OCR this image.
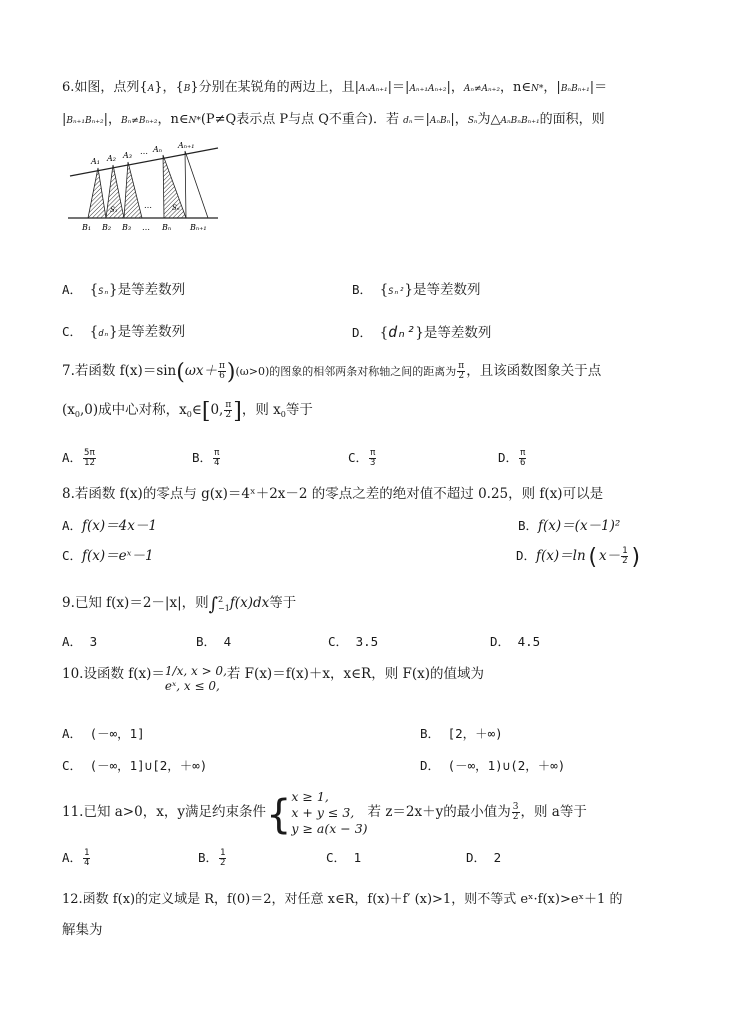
6.如图，点列{A}，{B}分别在某锐角的两边上，且|AₙAₙ₊₁|＝|Aₙ₊₁Aₙ₊₂|，Aₙ≠Aₙ₊₂，n∈N*，|BₙBₙ₊₁|＝
|Bₙ₊₁Bₙ₊₂|，Bₙ≠Bₙ₊₂，n∈N*(P≠Q表示点 P与点 Q不重合)．若 dₙ＝|AₙBₙ|，Sₙ为△AₙBₙBₙ₊₁的面积，则
A₁ A₂ A₃ … Aₙ Aₙ₊₁
S₁	Sₙ
…
B₁ B₂ B₃ … Bₙ Bₙ₊₁
A． {Sₙ}是等差数列	B． {Sₙ²}是等差数列
C． {dₙ}是等差数列	D． {dₙ²}是等差数列
7.若函数 $f(x)=\sin(\omega x+ \frac{\pi}{6} )(\omega>0)$的图象的相邻两条对称轴之间的距离为 $\frac{\pi}{2}$ ，且该函数图象关于点
$(x_0,0)$成中心对称，$x_0\in[0$, $\frac{\pi}{2}$ ]，则 $x_0$等于
A． $\frac{5\pi}{12}$	B． $\frac{\pi}{4}$	C． $\frac{\pi}{3}$	D． $\frac{\pi}{6}$
8.若函数 f(x)的零点与 g(x)＝4ˣ＋2x－2 的零点之差的绝对值不超过 0.25，则 f(x)可以是
A．f(x)＝4x－1	B．f(x)＝(x－1)²
C．f(x)＝eˣ－1	D．$f(x)=\ln(x- \frac{1}{2}$ )
9.已知 f(x)＝2－|x|，则∫ 2
−1 f(x)dx等于
A． 3	B． 4	C． 3.5	D． 4.5
10.设函数 f(x)＝ 1/x, x > 0,
eˣ, x ≤ 0,
若 F(x)＝f(x)＋x，x∈R，则 F(x)的值域为
A． (－∞，1]	B． [2，＋∞)
C． (－∞，1]∪[2，＋∞)	D． (－∞，1)∪(2，＋∞)
11.已知 a>0，x，y满足约束条件{ x ≥ 1,
x + y ≤ 3,
y ≥ a(x − 3)
若 z＝2x＋y的最小值为 $\frac{3}{2}$ ，则 a等于
A． $\frac{1}{4}$	B． $\frac{1}{2}$	C． 1	D． 2
12.函数 f(x)的定义域是 R，f(0)＝2，对任意 x∈R，f(x)＋f′ (x)>1，则不等式 eˣ·f(x)>eˣ＋1 的
解集为
